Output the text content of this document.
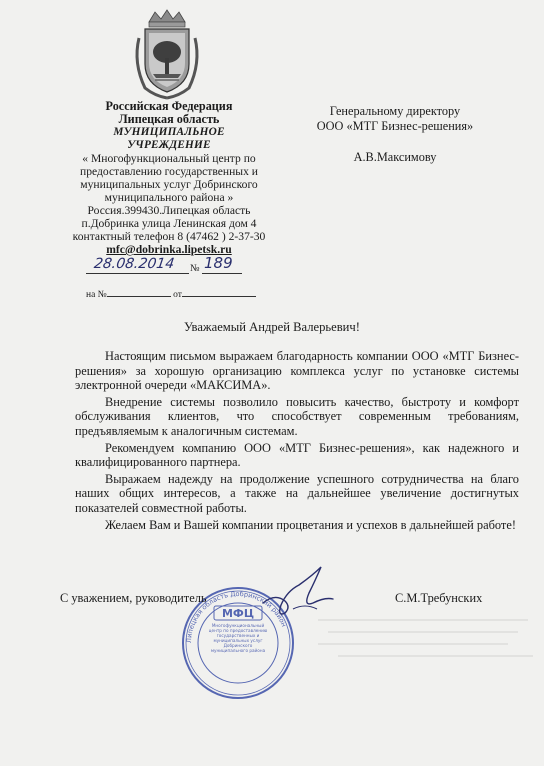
Российская Федерация
Липецкая область
МУНИЦИПАЛЬНОЕ
УЧРЕЖДЕНИЕ
« Многофункциональный центр по
предоставлению государственных и
муниципальных услуг Добринского
муниципального района »
Россия.399430.Липецкая область
п.Добринка улица Ленинская дом 4
контактный телефон 8 (47462 ) 2-37-30
mfc@dobrinka.lipetsk.ru
28.08.2014 № 189
на №	от
Генеральному директору
ООО «МТГ Бизнес-решения»
А.В.Максимову
Уважаемый Андрей Валерьевич!

Настоящим письмом выражаем благодарность компании ООО «МТГ Бизнес-решения» за хорошую организацию комплекса услуг по установке системы электронной очереди «МАКСИМА».

Внедрение системы позволило повысить качество, быстроту и комфорт обслуживания клиентов, что способствует современным требованиям, предъявляемым к аналогичным системам.

Рекомендуем компанию ООО «МТГ Бизнес-решения», как надежного и квалифицированного партнера.

Выражаем надежду на продолжение успешного сотрудничества на благо наших общих интересов, а также на дальнейшее увеличение достигнутых показателей совместной работы.

Желаем Вам и Вашей компании процветания и успехов в дальнейшей работе!

Липецкая область Добринский район
МФЦ
Многофункциональный центр по предоставлению государственных и муниципальных услуг Добринского муниципального района
С уважением, руководитель	С.М.Требунских
